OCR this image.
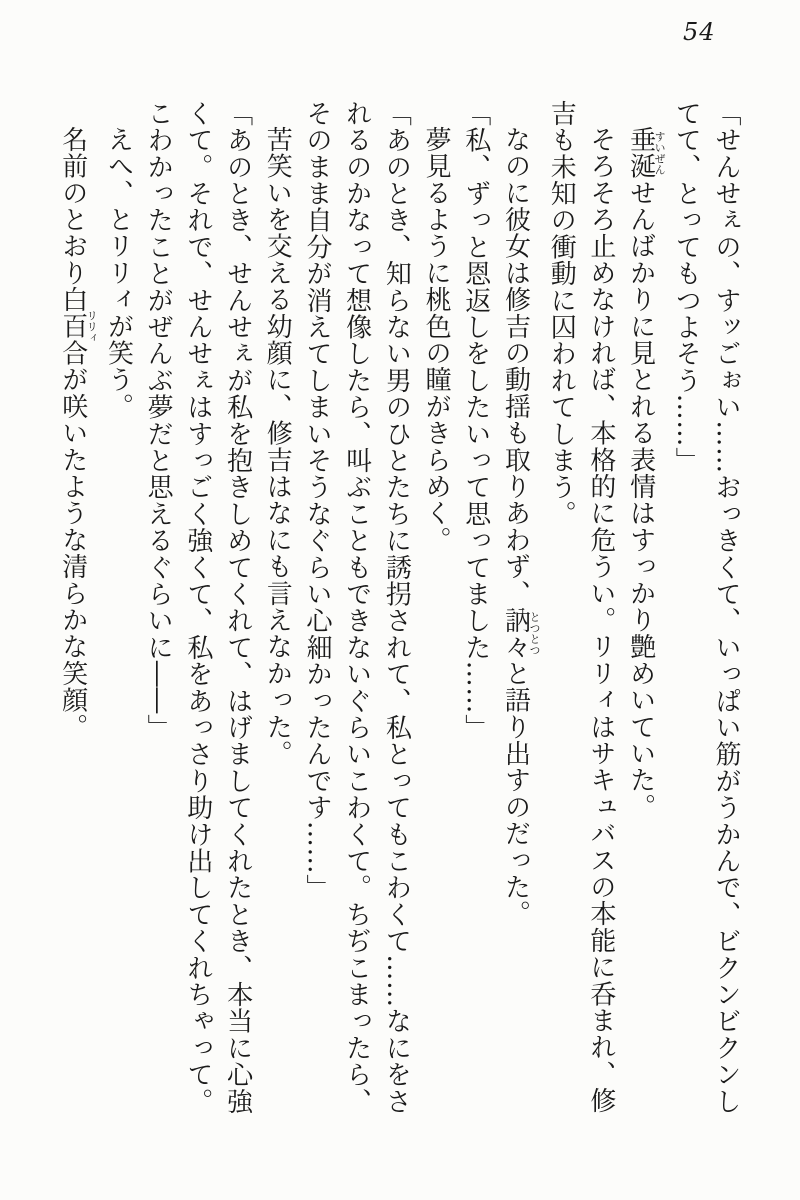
54

「せんせぇの、すッごぉい……おっきくて、いっぱい筋がうかんで、ビクンビクンしてて、とってもつよそう……」

垂涎すいぜんせんばかりに見とれる表情はすっかり艶めいていた。

そろそろ止めなければ、本格的に危うい。リリィはサキュバスの本能に呑まれ、修吉も未知の衝動に囚われてしまう。

なのに彼女は修吉の動揺も取りあわず、訥々とつとつと語り出すのだった。

「私、ずっと恩返しをしたいって思ってました……」

夢見るように桃色の瞳がきらめく。

「あのとき、知らない男のひとたちに誘拐されて、私とってもこわくて……なにをされるのかなって想像したら、叫ぶこともできないぐらいこわくて。ちぢこまったら、そのまま自分が消えてしまいそうなぐらい心細かったんです……」

苦笑いを交える幼顔に、修吉はなにも言えなかった。

「あのとき、せんせぇが私を抱きしめてくれて、はげましてくれたとき、本当に心強くて。それで、せんせぇはすっごく強くて、私をあっさり助け出してくれちゃって。こわかったことがぜんぶ夢だと思えるぐらいに――」

えへ、とリリィが笑う。

名前のとおり白百合リリィが咲いたような清らかな笑顔。
